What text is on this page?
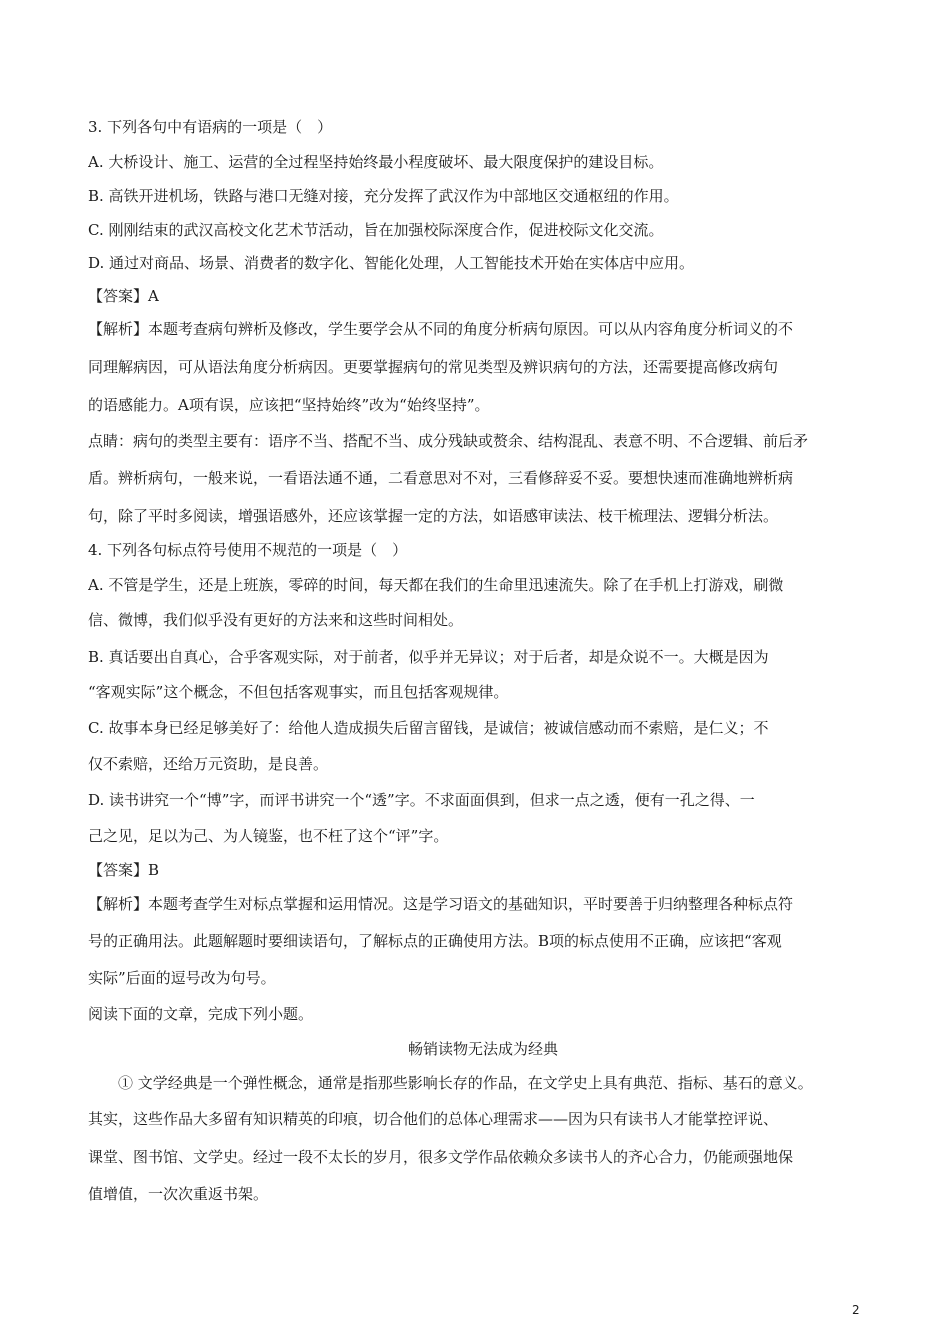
3. 下列各句中有语病的一项是（　）
A. 大桥设计、施工、运营的全过程坚持始终最小程度破坏、最大限度保护的建设目标。
B. 高铁开进机场，铁路与港口无缝对接，充分发挥了武汉作为中部地区交通枢纽的作用。
C. 刚刚结束的武汉高校文化艺术节活动，旨在加强校际深度合作，促进校际文化交流。
D. 通过对商品、场景、消费者的数字化、智能化处理，人工智能技术开始在实体店中应用。
【答案】A
【解析】本题考查病句辨析及修改，学生要学会从不同的角度分析病句原因。可以从内容角度分析词义的不
同理解病因，可从语法角度分析病因。更要掌握病句的常见类型及辨识病句的方法，还需要提高修改病句
的语感能力。A项有误，应该把“坚持始终”改为“始终坚持”。
点睛：病句的类型主要有：语序不当、搭配不当、成分残缺或赘余、结构混乱、表意不明、不合逻辑、前后矛
盾。辨析病句，一般来说，一看语法通不通，二看意思对不对，三看修辞妥不妥。要想快速而准确地辨析病
句，除了平时多阅读，增强语感外，还应该掌握一定的方法，如语感审读法、枝干梳理法、逻辑分析法。
4. 下列各句标点符号使用不规范的一项是（　）
A. 不管是学生，还是上班族，零碎的时间，每天都在我们的生命里迅速流失。除了在手机上打游戏，刷微
信、微博，我们似乎没有更好的方法来和这些时间相处。
B. 真话要出自真心，合乎客观实际，对于前者，似乎并无异议；对于后者，却是众说不一。大概是因为
“客观实际”这个概念，不但包括客观事实，而且包括客观规律。
C. 故事本身已经足够美好了：给他人造成损失后留言留钱，是诚信；被诚信感动而不索赔，是仁义；不
仅不索赔，还给万元资助，是良善。
D. 读书讲究一个“博”字，而评书讲究一个“透”字。不求面面俱到，但求一点之透，便有一孔之得、一
己之见，足以为己、为人镜鉴，也不枉了这个“评”字。
【答案】B
【解析】本题考查学生对标点掌握和运用情况。这是学习语文的基础知识，平时要善于归纳整理各种标点符
号的正确用法。此题解题时要细读语句，了解标点的正确使用方法。B项的标点使用不正确，应该把“客观
实际”后面的逗号改为句号。
阅读下面的文章，完成下列小题。
畅销读物无法成为经典
① 文学经典是一个弹性概念，通常是指那些影响长存的作品，在文学史上具有典范、指标、基石的意义。
其实，这些作品大多留有知识精英的印痕，切合他们的总体心理需求——因为只有读书人才能掌控评说、
课堂、图书馆、文学史。经过一段不太长的岁月，很多文学作品依赖众多读书人的齐心合力，仍能顽强地保
值增值，一次次重返书架。
2
